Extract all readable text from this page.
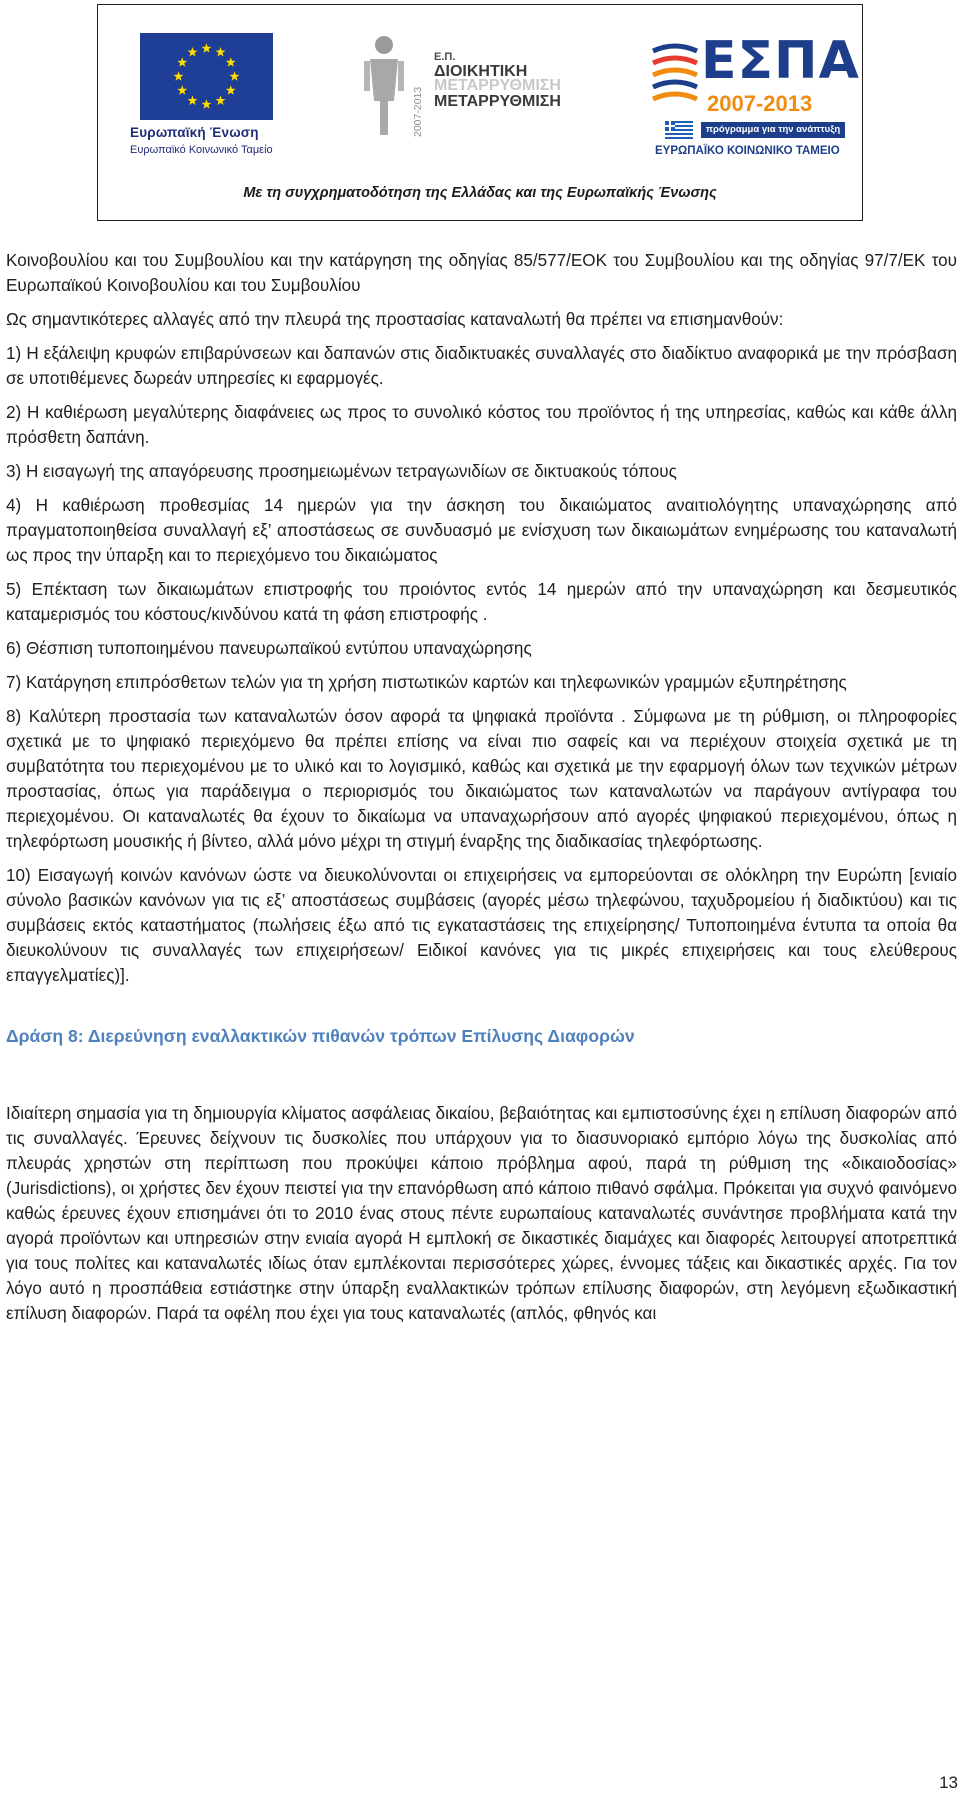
Ευρωπαϊκή Ένωση
Ευρωπαϊκό Κοινωνικό Ταμείο
2007-2013
Ε.Π.
ΔΙΟΙΚΗΤΙΚΗ
ΜΕΤΑΡΡΥΘΜΙΣΗ
ΜΕΤΑΡΡΥΘΜΙΣΗ
ΕΣΠΑ
2007-2013
πρόγραμμα για την ανάπτυξη
ΕΥΡΩΠΑΪΚΟ ΚΟΙΝΩΝΙΚΟ ΤΑΜΕΙΟ
Με τη συγχρηματοδότηση της Ελλάδας και της Ευρωπαϊκής Ένωσης

Κοινοβουλίου και του Συμβουλίου και την κατάργηση της οδηγίας 85/577/ΕΟΚ του Συμβουλίου και της οδηγίας 97/7/ΕΚ του Ευρωπαϊκού Κοινοβουλίου και του Συμβουλίου

Ως σημαντικότερες αλλαγές από την πλευρά της προστασίας καταναλωτή θα πρέπει να επισημανθούν:

1) Η εξάλειψη κρυφών επιβαρύνσεων και δαπανών στις διαδικτυακές συναλλαγές στο διαδίκτυο αναφορικά με την πρόσβαση σε υποτιθέμενες δωρεάν υπηρεσίες κι εφαρμογές.

2) Η καθιέρωση μεγαλύτερης διαφάνειες ως προς το συνολικό κόστος του προϊόντος ή της υπηρεσίας, καθώς και κάθε άλλη πρόσθετη δαπάνη.

3) Η εισαγωγή της απαγόρευσης προσημειωμένων τετραγωνιδίων σε δικτυακούς τόπους

4) Η καθιέρωση προθεσμίας 14 ημερών για την άσκηση του δικαιώματος αναιτιολόγητης υπαναχώρησης από πραγματοποιηθείσα συναλλαγή εξ’ αποστάσεως σε συνδυασμό με ενίσχυση των δικαιωμάτων ενημέρωσης του καταναλωτή ως προς την ύπαρξη και το περιεχόμενο του δικαιώματος

5) Επέκταση των δικαιωμάτων επιστροφής του προιόντος εντός 14 ημερών από την υπαναχώρηση και δεσμευτικός καταμερισμός του κόστους/κινδύνου κατά τη φάση επιστροφής .

6) Θέσπιση τυποποιημένου πανευρωπαϊκού εντύπου υπαναχώρησης

7) Κατάργηση επιπρόσθετων τελών για τη χρήση πιστωτικών καρτών και τηλεφωνικών γραμμών εξυπηρέτησης

8) Καλύτερη προστασία των καταναλωτών όσον αφορά τα ψηφιακά προϊόντα . Σύμφωνα με τη ρύθμιση, οι πληροφορίες σχετικά με το ψηφιακό περιεχόμενο θα πρέπει επίσης να είναι πιο σαφείς και να περιέχουν στοιχεία σχετικά με τη συμβατότητα του περιεχομένου με το υλικό και το λογισμικό, καθώς και σχετικά με την εφαρμογή όλων των τεχνικών μέτρων προστασίας, όπως για παράδειγμα ο περιορισμός του δικαιώματος των καταναλωτών να παράγουν αντίγραφα του περιεχομένου. Οι καταναλωτές θα έχουν το δικαίωμα να υπαναχωρήσουν από αγορές ψηφιακού περιεχομένου, όπως η τηλεφόρτωση μουσικής ή βίντεο, αλλά μόνο μέχρι τη στιγμή έναρξης της διαδικασίας τηλεφόρτωσης.

10) Εισαγωγή κοινών κανόνων ώστε να διευκολύνονται οι επιχειρήσεις να εμπορεύονται σε ολόκληρη την Ευρώπη [ενιαίο σύνολο βασικών κανόνων για τις εξ’ αποστάσεως συμβάσεις (αγορές μέσω τηλεφώνου, ταχυδρομείου ή διαδικτύου) και τις συμβάσεις εκτός καταστήματος (πωλήσεις έξω από τις εγκαταστάσεις της επιχείρησης/ Τυποποιημένα έντυπα τα οποία θα διευκολύνουν τις συναλλαγές των επιχειρήσεων/ Ειδικοί κανόνες για τις μικρές επιχειρήσεις και τους ελεύθερους επαγγελματίες)].

Δράση 8: Διερεύνηση εναλλακτικών πιθανών τρόπων Επίλυσης Διαφορών

Ιδιαίτερη σημασία για τη δημιουργία κλίματος ασφάλειας δικαίου, βεβαιότητας και εμπιστοσύνης έχει η επίλυση διαφορών από τις συναλλαγές. Έρευνες δείχνουν τις δυσκολίες που υπάρχουν για το διασυνοριακό εμπόριο λόγω της δυσκολίας από πλευράς χρηστών στη περίπτωση που προκύψει κάποιο πρόβλημα αφού, παρά τη ρύθμιση της «δικαιοδοσίας» (Jurisdictions), οι χρήστες δεν έχουν πειστεί για την επανόρθωση από κάποιο πιθανό σφάλμα. Πρόκειται για συχνό φαινόμενο καθώς έρευνες έχουν επισημάνει ότι το 2010 ένας στους πέντε ευρωπαίους καταναλωτές συνάντησε προβλήματα κατά την αγορά προϊόντων και υπηρεσιών στην ενιαία αγορά Η εμπλοκή σε δικαστικές διαμάχες και διαφορές λειτουργεί αποτρεπτικά για τους πολίτες και καταναλωτές ιδίως όταν εμπλέκονται περισσότερες χώρες, έννομες τάξεις και δικαστικές αρχές. Για τον λόγο αυτό η προσπάθεια εστιάστηκε στην ύπαρξη εναλλακτικών τρόπων επίλυσης διαφορών, στη λεγόμενη εξωδικαστική επίλυση διαφορών. Παρά τα οφέλη που έχει για τους καταναλωτές (απλός, φθηνός και

13
